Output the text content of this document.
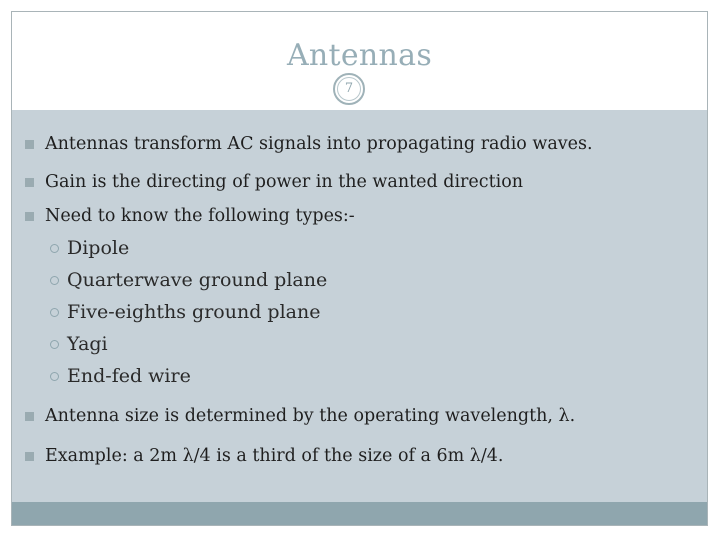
Antennas
7
Antennas transform AC signals into propagating radio waves.
Gain is the directing of power in the wanted direction
Need to know the following types:-
Dipole
Quarterwave ground plane
Five-eighths ground plane
Yagi
End-fed wire
Antenna size is determined by the operating wavelength, λ.
Example: a 2m λ/4 is a third of the size of a 6m λ/4.
